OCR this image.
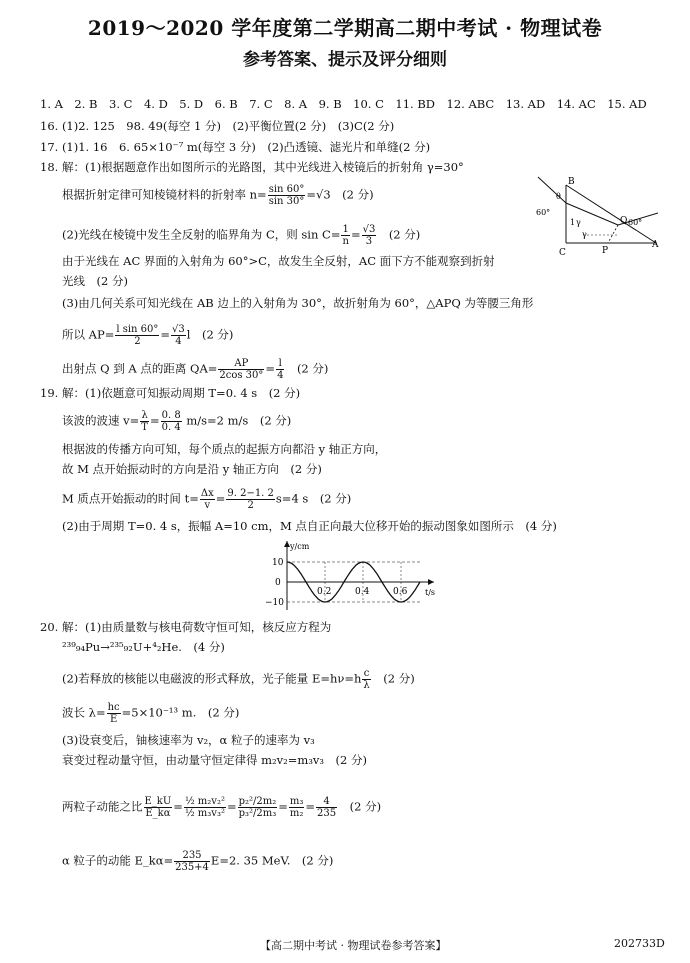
2019～2020 学年度第二学期高二期中考试 · 物理试卷
参考答案、提示及评分细则
1. A　2. B　3. C　4. D　5. D　6. B　7. C　8. A　9. B　10. C　11. BD　12. ABC　13. AD　14. AC　15. AD
16. (1)2. 125　98. 49(每空 1 分)　(2)平衡位置(2 分)　(3)C(2 分)
17. (1)1. 16　6. 65×10⁻⁷ m(每空 3 分)　(2)凸透镜、滤光片和单缝(2 分)
18. 解：(1)根据题意作出如图所示的光路图，其中光线进入棱镜后的折射角 γ=30°
根据折射定律可知棱镜材料的折射率 $n= \frac{\sin 60^\circ}{\sin 30^\circ} =√3$　(2 分)
(2)光线在棱镜中发生全反射的临界角为 C，则 $\sin C= \frac{1}{n} = \frac{√3}{3}$
　 (2 分)
由于光线在 AC 界面的入射角为 60°>C，故发生全反射，AC 面下方不能观察到折射
光线　(2 分)
(3)由几何关系可知光线在 AB 边上的入射角为 30°，故折射角为 60°，△APQ 为等腰三角形
所以 $AP= \frac{\text{l sin 60°}}{2} = \frac{√3}{4}$ l　(2 分)
出射点 Q 到 A 点的距离 $QA= \frac{AP}{2\cos 30^\circ} = \frac{l}{4}$
　 (2 分)
B
C
A
P
Q
60°
60°
θ
1 γ
γ
19. 解：(1)依题意可知振动周期 T=0. 4 s　(2 分)
该波的波速 $v= \frac{\lambda}{T} = \frac{0. 8}{0. 4} m/s=2$ m/s　(2 分)
根据波的传播方向可知，每个质点的起振方向都沿 y 轴正方向，
故 M 点开始振动时的方向是沿 y 轴正方向　(2 分)
M 质点开始振动的时间 $t= \frac{\Delta x}{v} = \frac{9. 2-1. 2}{2} s=4$ s　(2 分)
(2)由于周期 T=0. 4 s，振幅 A=10 cm，M 点自正向最大位移开始的振动图象如图所示　(4 分)
y/cm
t/s
10
0
−10
0.2	0.4	0.6
20. 解：(1)由质量数与核电荷数守恒可知，核反应方程为
²³⁹₉₄Pu→²³⁵₉₂U+⁴₂He.　(4 分)
(2)若释放的核能以电磁波的形式释放，光子能量 $E=h\nu=h \frac{c}{\lambda}$
　 (2 分)
波长 $\lambda= \frac{hc}{E} =5\times 10^{-13}$ m.　(2 分)
(3)设衰变后，铀核速率为 v₂，α 粒子的速率为 v₃
衰变过程动量守恒，由动量守恒定律得 m₂v₂=m₃v₃　(2 分)
两粒子动能之比 $\frac{E\_kU}{E\_k\alpha} = \frac{\text{½ m₂v₂²}}{\text{½ m₃v₃²}} = \frac{\text{p₂²/2m₂}}{\text{p₃²/2m₃}} = \frac{\text{m₃}}{\text{m₂}} = \frac{4}{235}$
　 (2 分)
α 粒子的动能 E_kα= $\frac{235}{235+4} E=2$. 35 MeV.　(2 分)
【高二期中考试 · 物理试卷参考答案】	202733D
